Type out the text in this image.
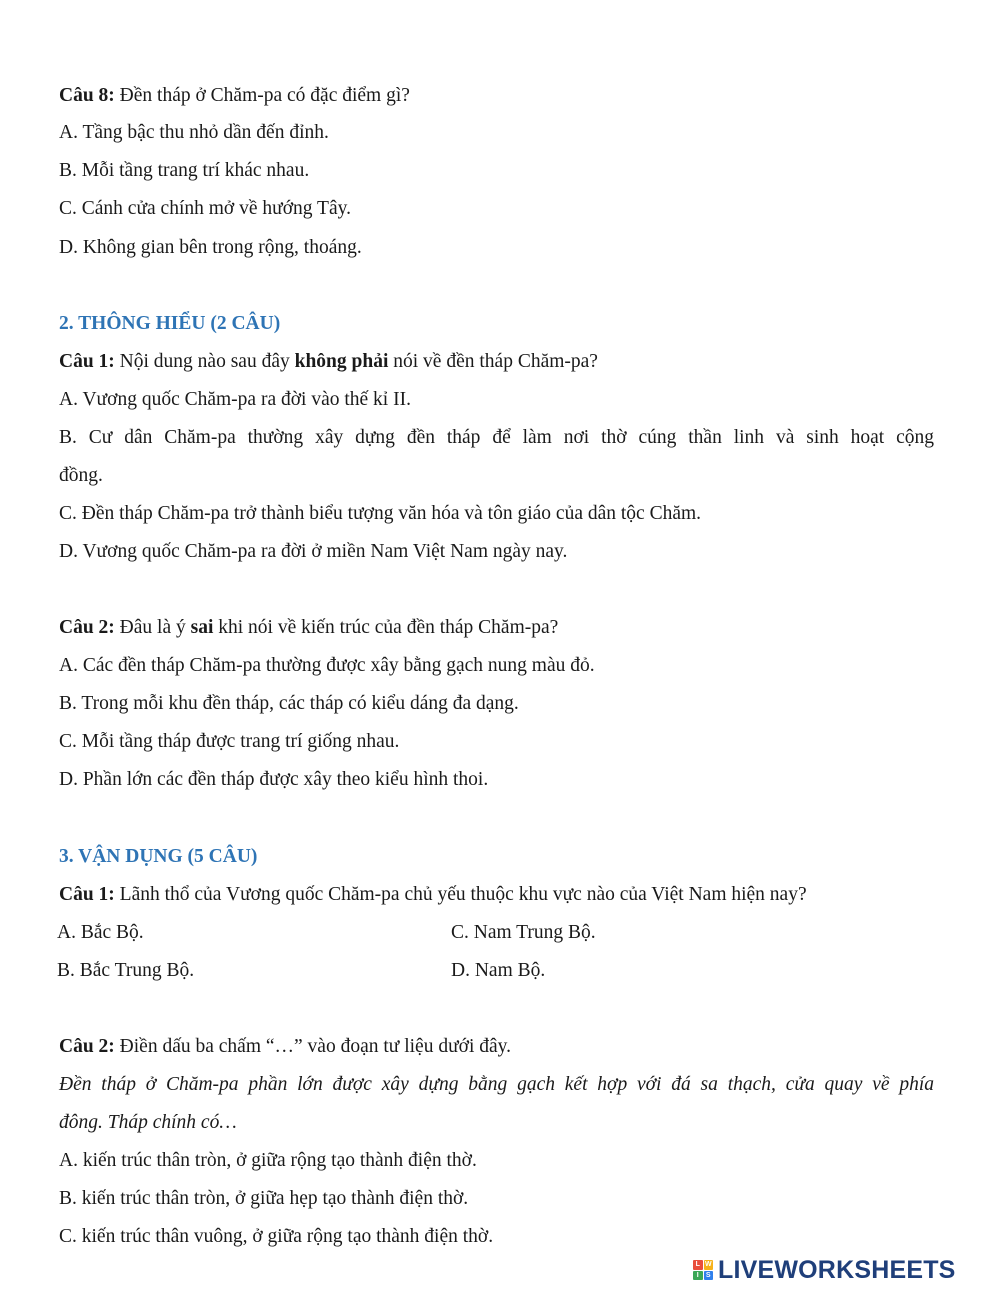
Câu 8: Đền tháp ở Chăm-pa có đặc điểm gì?
A. Tầng bậc thu nhỏ dần đến đỉnh.
B. Mỗi tầng trang trí khác nhau.
C. Cánh cửa chính mở về hướng Tây.
D. Không gian bên trong rộng, thoáng.
2. THÔNG HIỂU (2 CÂU)
Câu 1: Nội dung nào sau đây không phải nói về đền tháp Chăm-pa?
A. Vương quốc Chăm-pa ra đời vào thế kỉ II.
B. Cư dân Chăm-pa thường xây dựng đền tháp để làm nơi thờ cúng thần linh và sinh hoạt cộng
đồng.
C. Đền tháp Chăm-pa trở thành biểu tượng văn hóa và tôn giáo của dân tộc Chăm.
D. Vương quốc Chăm-pa ra đời ở miền Nam Việt Nam ngày nay.
Câu 2: Đâu là ý sai khi nói về kiến trúc của đền tháp Chăm-pa?
A. Các đền tháp Chăm-pa thường được xây bằng gạch nung màu đỏ.
B. Trong mỗi khu đền tháp, các tháp có kiểu dáng đa dạng.
C. Mỗi tầng tháp được trang trí giống nhau.
D. Phần lớn các đền tháp được xây theo kiểu hình thoi.
3. VẬN DỤNG (5 CÂU)
Câu 1: Lãnh thổ của Vương quốc Chăm-pa chủ yếu thuộc khu vực nào của Việt Nam hiện nay?
A. Bắc Bộ.	C. Nam Trung Bộ.
B. Bắc Trung Bộ.	D. Nam Bộ.
Câu 2: Điền dấu ba chấm “…” vào đoạn tư liệu dưới đây.
Đền tháp ở Chăm-pa phần lớn được xây dựng bằng gạch kết hợp với đá sa thạch, cửa quay về phía
đông. Tháp chính có…
A. kiến trúc thân tròn, ở giữa rộng tạo thành điện thờ.
B. kiến trúc thân tròn, ở giữa hẹp tạo thành điện thờ.
C. kiến trúc thân vuông, ở giữa rộng tạo thành điện thờ.
L W
I	S LIVEWORKSHEETS
